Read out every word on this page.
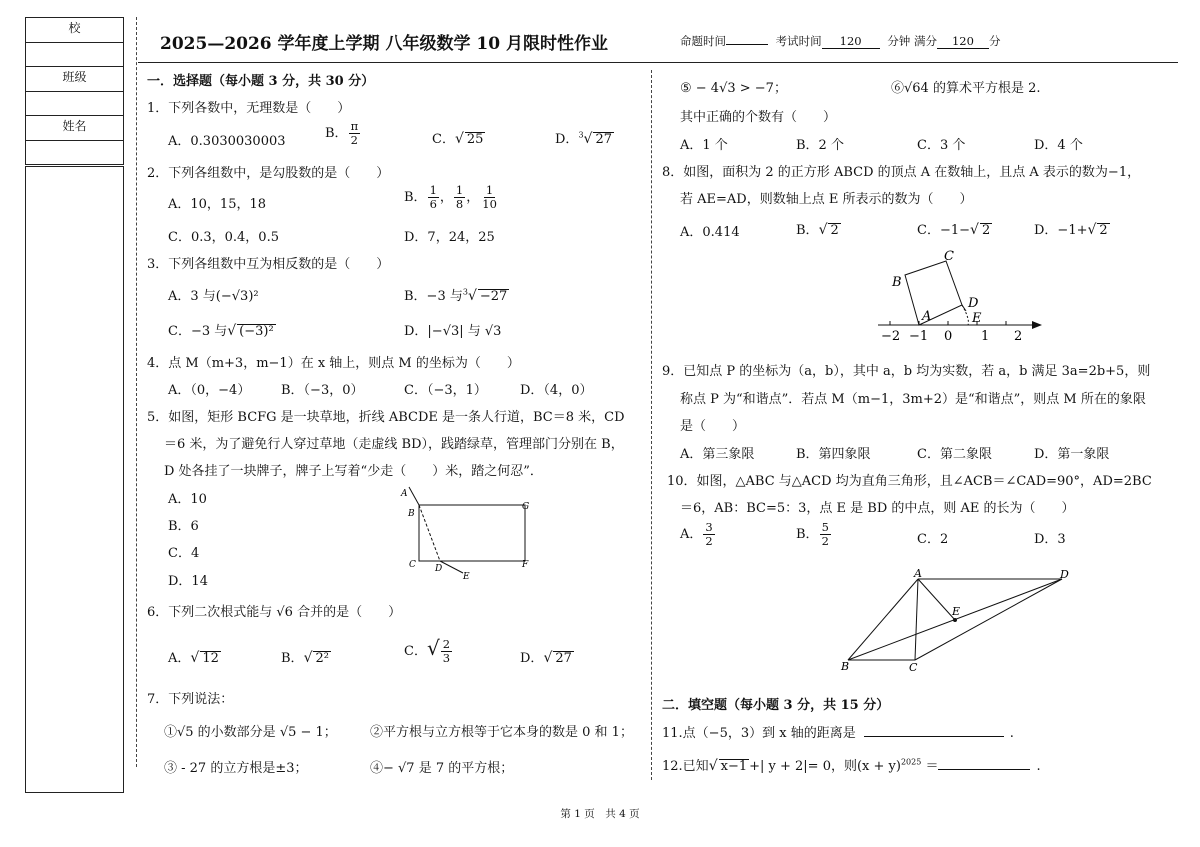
校
班级
姓名
2025—2026 学年度上学期 八年级数学 10 月限时性作业	命题时间	考试时间 120 分钟 满分 120 分
一．选择题（每小题 3 分，共 30 分）
1．下列各数中，无理数是（　　）
A．0.3030030003
B． $\frac{\pi}{2}$	C．√ 25	D．$^3$√ 27
2．下列各组数中，是勾股数的是（　　）
A．10，15，18	B． $\frac{1}{6}$ ， $\frac{1}{8}$ ， $\frac{1}{10}$
C．0.3，0.4，0.5	D．7，24，25
3．下列各组数中互为相反数的是（　　）
A．3 与(−√3)²	B．−3 与$^3$√ −27
C．−3 与√ (−3)²	D．|−√3| 与 √3
4．点 M（m+3，m−1）在 x 轴上，则点 M 的坐标为（　　）
A．（0，−4） B．（−3，0）	C．（−3，1）	D．（4，0）
5．如图，矩形 BCFG 是一块草地，折线 ABCDE 是一条人行道，BC＝8 米，CD
＝6 米，为了避免行人穿过草地（走虚线 BD），践踏绿草，管理部门分别在 B，
D 处各挂了一块牌子，牌子上写着“少走（　　）米，踏之何忍”．
A．10
B．6
C．4
D．14
A
B
C D
E
F
G
6．下列二次根式能与 √6 合并的是（　　）
A．√ 12	B．√ 2²	C．√ $\frac{2}{3}$	D．√ 27
7．下列说法：
①√5 的小数部分是 √5 − 1；	②平方根与立方根等于它本身的数是 0 和 1；
③ - 27 的立方根是±3；	④− √7 是 7 的平方根；
⑤ − 4√3 > −7；	⑥√64 的算术平方根是 2.
其中正确的个数有（　　）
A．1 个	B．2 个	C．3 个	D．4 个
8．如图，面积为 2 的正方形 ABCD 的顶点 A 在数轴上，且点 A 表示的数为−1，
若 AE=AD，则数轴上点 E 所表示的数为（　　）
A．0.414	B．√ 2	C．−1−√ 2	D．−1+√ 2
−2 −1 0 1 2
A
B
C
D
E
9．已知点 P 的坐标为（a，b），其中 a，b 均为实数，若 a，b 满足 3a=2b+5，则
称点 P 为“和谐点”．若点 M（m−1，3m+2）是“和谐点”，则点 M 所在的象限
是（　　）
A．第三象限	B．第四象限	C．第二象限	D．第一象限
10．如图，△ABC 与△ACD 均为直角三角形，且∠ACB＝∠CAD=90°，AD=2BC
＝6，AB：BC=5：3，点 E 是 BD 的中点，则 AE 的长为（　　）
A． $\frac{3}{2}$	B． $\frac{5}{2}$	C．2	D．3
A
B	C
D
E
二．填空题（每小题 3 分，共 15 分）
11.点（−5，3）到 x 轴的距离是	.
12.已知√ x−1 +| y + 2|= 0，则$(x + y)^{2025}$ ＝	.
第 1 页　共 4 页
